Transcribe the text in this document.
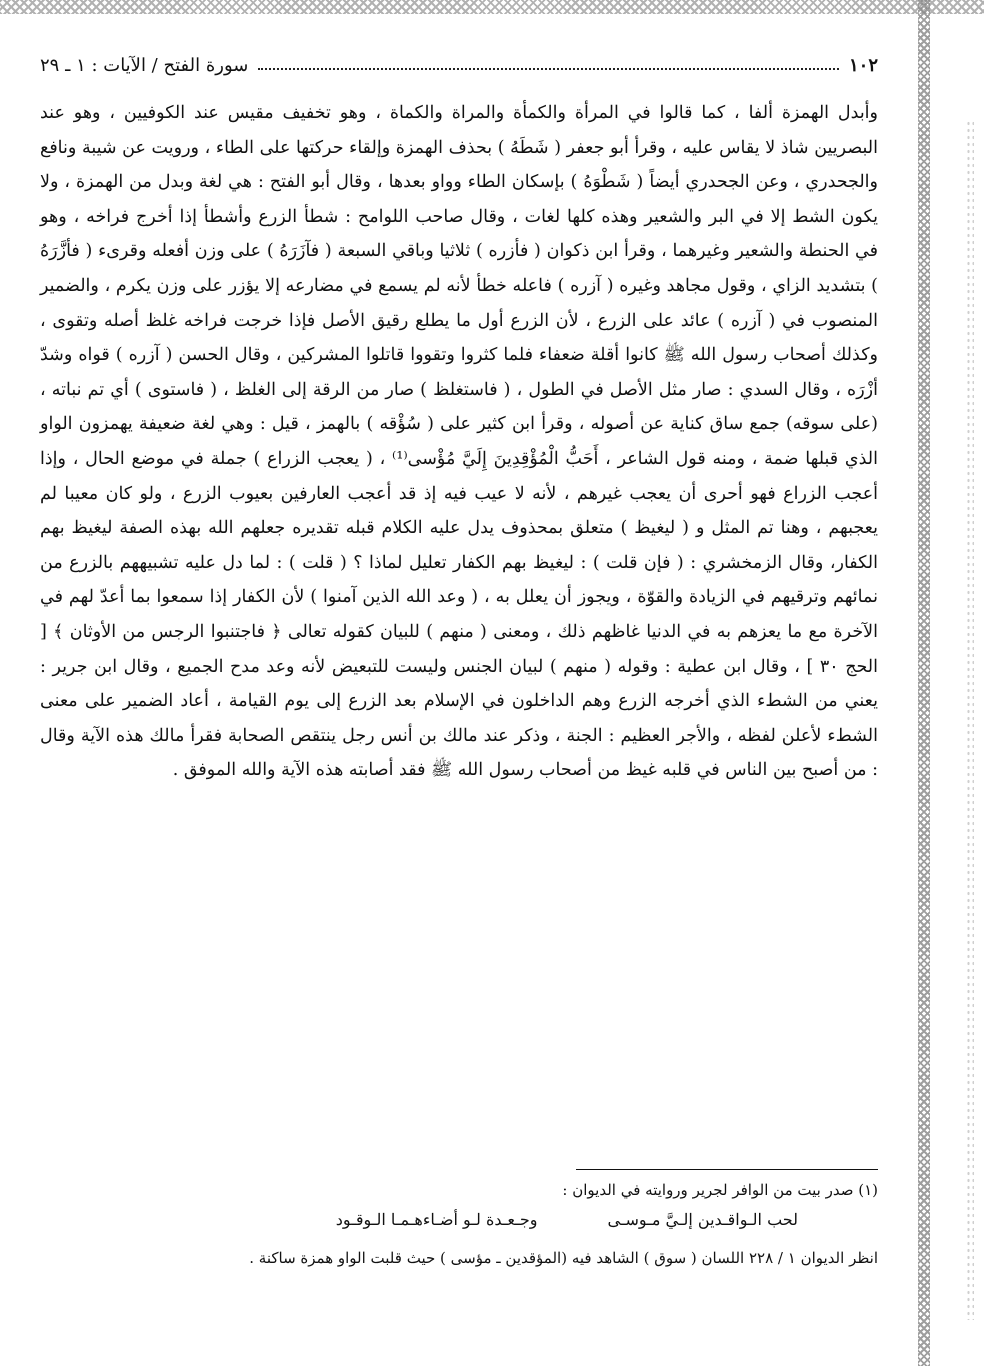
١٠٢
سورة الفتح / الآيات : ١ ـ ٢٩

وأبدل الهمزة ألفا ، كما قالوا في المرأة والكمأة والمراة والكماة ، وهو تخفيف مقيس عند الكوفيين ، وهو عند البصريين شاذ لا يقاس عليه ، وقرأ أبو جعفر ( شَطَهُ ) بحذف الهمزة وإلقاء حركتها على الطاء ، ورويت عن شيبة ونافع والجحدري ، وعن الجحدري أيضاً ( شَطْوَهُ ) بإسكان الطاء وواو بعدها ، وقال أبو الفتح : هي لغة وبدل من الهمزة ، ولا يكون الشط إلا في البر والشعير وهذه كلها لغات ، وقال صاحب اللوامح : شطأ الزرع وأشطأ إذا أخرج فراخه ، وهو في الحنطة والشعير وغيرهما ، وقرأ ابن ذكوان ( فأزره ) ثلاثيا وباقي السبعة ( فآزَرَهُ ) على وزن أفعله وقرىء ( فأزَّرَهُ ) بتشديد الزاي ، وقول مجاهد وغيره ( آزره ) فاعله خطأ لأنه لم يسمع في مضارعه إلا يؤزر على وزن يكرم ، والضمير المنصوب في ( آزره ) عائد على الزرع ، لأن الزرع أول ما يطلع رقيق الأصل فإذا خرجت فراخه غلظ أصله وتقوى ، وكذلك أصحاب رسول الله ﷺ كانوا أقلة ضعفاء فلما كثروا وتقووا قاتلوا المشركين ، وقال الحسن ( آزره ) قواه وشدّ أزْرَه ، وقال السدي : صار مثل الأصل في الطول ، ( فاستغلظ ) صار من الرقة إلى الغلظ ، ( فاستوى ) أي تم نباته ، (على سوقه) جمع ساق كناية عن أصوله ، وقرأ ابن كثير على ( سُؤْقه ) بالهمز ، قيل : وهي لغة ضعيفة يهمزون الواو الذي قبلها ضمة ، ومنه قول الشاعر ، أَحَبُّ الْمُؤْقِدِينَ إِلَيَّ مُؤْسى⁽¹⁾ ، ( يعجب الزراع ) جملة في موضع الحال ، وإذا أعجب الزراع فهو أحرى أن يعجب غيرهم ، لأنه لا عيب فيه إذ قد أعجب العارفين بعيوب الزرع ، ولو كان معيبا لم يعجبهم ، وهنا تم المثل و ( ليغيظ ) متعلق بمحذوف يدل عليه الكلام قبله تقديره جعلهم الله بهذه الصفة ليغيظ بهم الكفار، وقال الزمخشري : ( فإن قلت ) : ليغيظ بهم الكفار تعليل لماذا ؟ ( قلت ) : لما دل عليه تشبيههم بالزرع من نمائهم وترقيهم في الزيادة والقوّة ، ويجوز أن يعلل به ، ( وعد الله الذين آمنوا ) لأن الكفار إذا سمعوا بما أعدّ لهم في الآخرة مع ما يعزهم به في الدنيا غاظهم ذلك ، ومعنى ( منهم ) للبيان كقوله تعالى ﴿ فاجتنبوا الرجس من الأوثان ﴾ [ الحج ٣٠ ] ، وقال ابن عطية : وقوله ( منهم ) لبيان الجنس وليست للتبعيض لأنه وعد مدح الجميع ، وقال ابن جرير : يعني من الشطء الذي أخرجه الزرع وهم الداخلون في الإسلام بعد الزرع إلى يوم القيامة ، أعاد الضمير على معنى الشطء لأعلن لفظه ، والأجر العظيم : الجنة ، وذكر عند مالك بن أنس رجل ينتقص الصحابة فقرأ مالك هذه الآية وقال : من أصبح بين الناس في قلبه غيظ من أصحاب رسول الله ﷺ فقد أصابته هذه الآية والله الموفق .

(١) صدر بيت من الوافر لجرير وروايته في الديوان :
لحب الـواقـدين إلـيَّ مـوسـى
وجـعـدة لـو أضـاءهـمـا الـوقـود
انظر الديوان ١ / ٢٢٨ اللسان ( سوق ) الشاهد فيه (المؤقدين ـ مؤسى ) حيث قلبت الواو همزة ساكنة .
